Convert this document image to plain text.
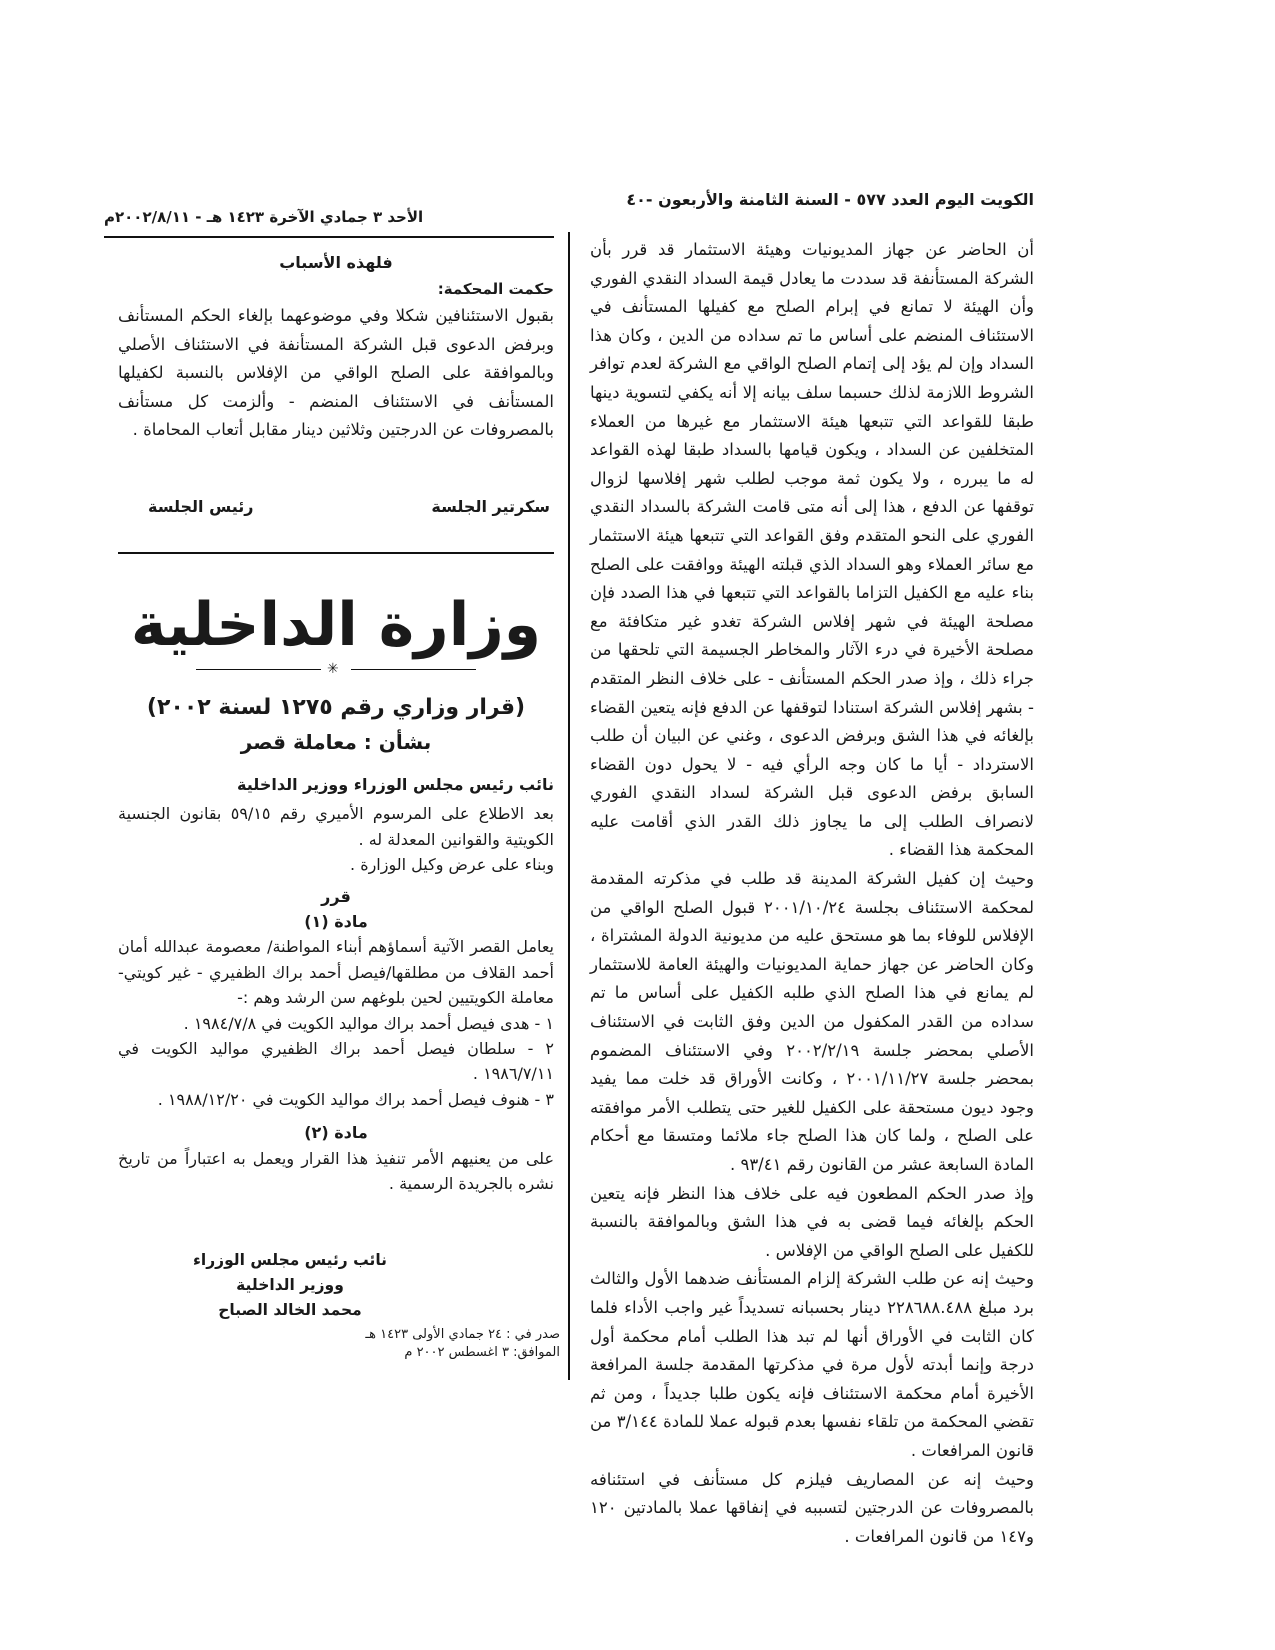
الكويت اليوم العدد ٥٧٧ - السنة الثامنة والأربعون -٤٠
الأحد ٣ جمادي الآخرة ١٤٢٣ هـ - ٢٠٠٢/٨/١١م

أن الحاضر عن جهاز المديونيات وهيئة الاستثمار قد قرر بأن الشركة المستأنفة قد سددت ما يعادل قيمة السداد النقدي الفوري وأن الهيئة لا تمانع في إبرام الصلح مع كفيلها المستأنف في الاستئناف المنضم على أساس ما تم سداده من الدين ، وكان هذا السداد وإن لم يؤد إلى إتمام الصلح الواقي مع الشركة لعدم توافر الشروط اللازمة لذلك حسبما سلف بيانه إلا أنه يكفي لتسوية دينها طبقا للقواعد التي تتبعها هيئة الاستثمار مع غيرها من العملاء المتخلفين عن السداد ، ويكون قيامها بالسداد طبقا لهذه القواعد له ما يبرره ، ولا يكون ثمة موجب لطلب شهر إفلاسها لزوال توقفها عن الدفع ، هذا إلى أنه متى قامت الشركة بالسداد النقدي الفوري على النحو المتقدم وفق القواعد التي تتبعها هيئة الاستثمار مع سائر العملاء وهو السداد الذي قبلته الهيئة ووافقت على الصلح بناء عليه مع الكفيل التزاما بالقواعد التي تتبعها في هذا الصدد فإن مصلحة الهيئة في شهر إفلاس الشركة تغدو غير متكافئة مع مصلحة الأخيرة في درء الآثار والمخاطر الجسيمة التي تلحقها من جراء ذلك ، وإذ صدر الحكم المستأنف - على خلاف النظر المتقدم - بشهر إفلاس الشركة استنادا لتوقفها عن الدفع فإنه يتعين القضاء بإلغائه في هذا الشق وبرفض الدعوى ، وغني عن البيان أن طلب الاسترداد - أيا ما كان وجه الرأي فيه - لا يحول دون القضاء السابق برفض الدعوى قبل الشركة لسداد النقدي الفوري لانصراف الطلب إلى ما يجاوز ذلك القدر الذي أقامت عليه المحكمة هذا القضاء .

وحيث إن كفيل الشركة المدينة قد طلب في مذكرته المقدمة لمحكمة الاستئناف بجلسة ٢٠٠١/١٠/٢٤ قبول الصلح الواقي من الإفلاس للوفاء بما هو مستحق عليه من مديونية الدولة المشتراة ، وكان الحاضر عن جهاز حماية المديونيات والهيئة العامة للاستثمار لم يمانع في هذا الصلح الذي طلبه الكفيل على أساس ما تم سداده من القدر المكفول من الدين وفق الثابت في الاستئناف الأصلي بمحضر جلسة ٢٠٠٢/٢/١٩ وفي الاستئناف المضموم بمحضر جلسة ٢٠٠١/١١/٢٧ ، وكانت الأوراق قد خلت مما يفيد وجود ديون مستحقة على الكفيل للغير حتى يتطلب الأمر موافقته على الصلح ، ولما كان هذا الصلح جاء ملائما ومتسقا مع أحكام المادة السابعة عشر من القانون رقم ٩٣/٤١ .

وإذ صدر الحكم المطعون فيه على خلاف هذا النظر فإنه يتعين الحكم بإلغائه فيما قضى به في هذا الشق وبالموافقة بالنسبة للكفيل على الصلح الواقي من الإفلاس .

وحيث إنه عن طلب الشركة إلزام المستأنف ضدهما الأول والثالث برد مبلغ ٢٢٨٦٨٨.٤٨٨ دينار بحسبانه تسديداً غير واجب الأداء فلما كان الثابت في الأوراق أنها لم تبد هذا الطلب أمام محكمة أول درجة وإنما أبدته لأول مرة في مذكرتها المقدمة جلسة المرافعة الأخيرة أمام محكمة الاستئناف فإنه يكون طلبا جديداً ، ومن ثم تقضي المحكمة من تلقاء نفسها بعدم قبوله عملا للمادة ٣/١٤٤ من قانون المرافعات .

وحيث إنه عن المصاريف فيلزم كل مستأنف في استئنافه بالمصروفات عن الدرجتين لتسببه في إنفاقها عملا بالمادتين ١٢٠ و١٤٧ من قانون المرافعات .

فلهذه الأسباب

حكمت المحكمة:

بقبول الاستئنافين شكلا وفي موضوعهما بإلغاء الحكم المستأنف وبرفض الدعوى قبل الشركة المستأنفة في الاستئناف الأصلي وبالموافقة على الصلح الواقي من الإفلاس بالنسبة لكفيلها المستأنف في الاستئناف المنضم - وألزمت كل مستأنف بالمصروفات عن الدرجتين وثلاثين دينار مقابل أتعاب المحاماة .

سكرتير الجلسة
رئيس الجلسة
وزارة الداخلية
✳
(قرار وزاري رقم ١٢٧٥ لسنة ٢٠٠٢)
بشأن : معاملة قصر

نائب رئيس مجلس الوزراء ووزير الداخلية

بعد الاطلاع على المرسوم الأميري رقم ٥٩/١٥ بقانون الجنسية الكويتية والقوانين المعدلة له .

وبناء على عرض وكيل الوزارة .

قرر

مادة (١)

يعامل القصر الآتية أسماؤهم أبناء المواطنة/ معصومة عبدالله أمان أحمد القلاف من مطلقها/فيصل أحمد براك الظفيري - غير كويتي- معاملة الكويتيين لحين بلوغهم سن الرشد وهم :-

١ - هدى فيصل أحمد براك مواليد الكويت في ١٩٨٤/٧/٨ .

٢ - سلطان فيصل أحمد براك الظفيري مواليد الكويت في ١٩٨٦/٧/١١ .

٣ - هنوف فيصل أحمد براك مواليد الكويت في ١٩٨٨/١٢/٢٠ .

مادة (٢)

على من يعنيهم الأمر تنفيذ هذا القرار ويعمل به اعتباراً من تاريخ نشره بالجريدة الرسمية .

نائب رئيس مجلس الوزراء
ووزير الداخلية
محمد الخالد الصباح
صدر في : ٢٤ جمادي الأولى ١٤٢٣ هـ
الموافق: ٣ اغسطس ٢٠٠٢ م
